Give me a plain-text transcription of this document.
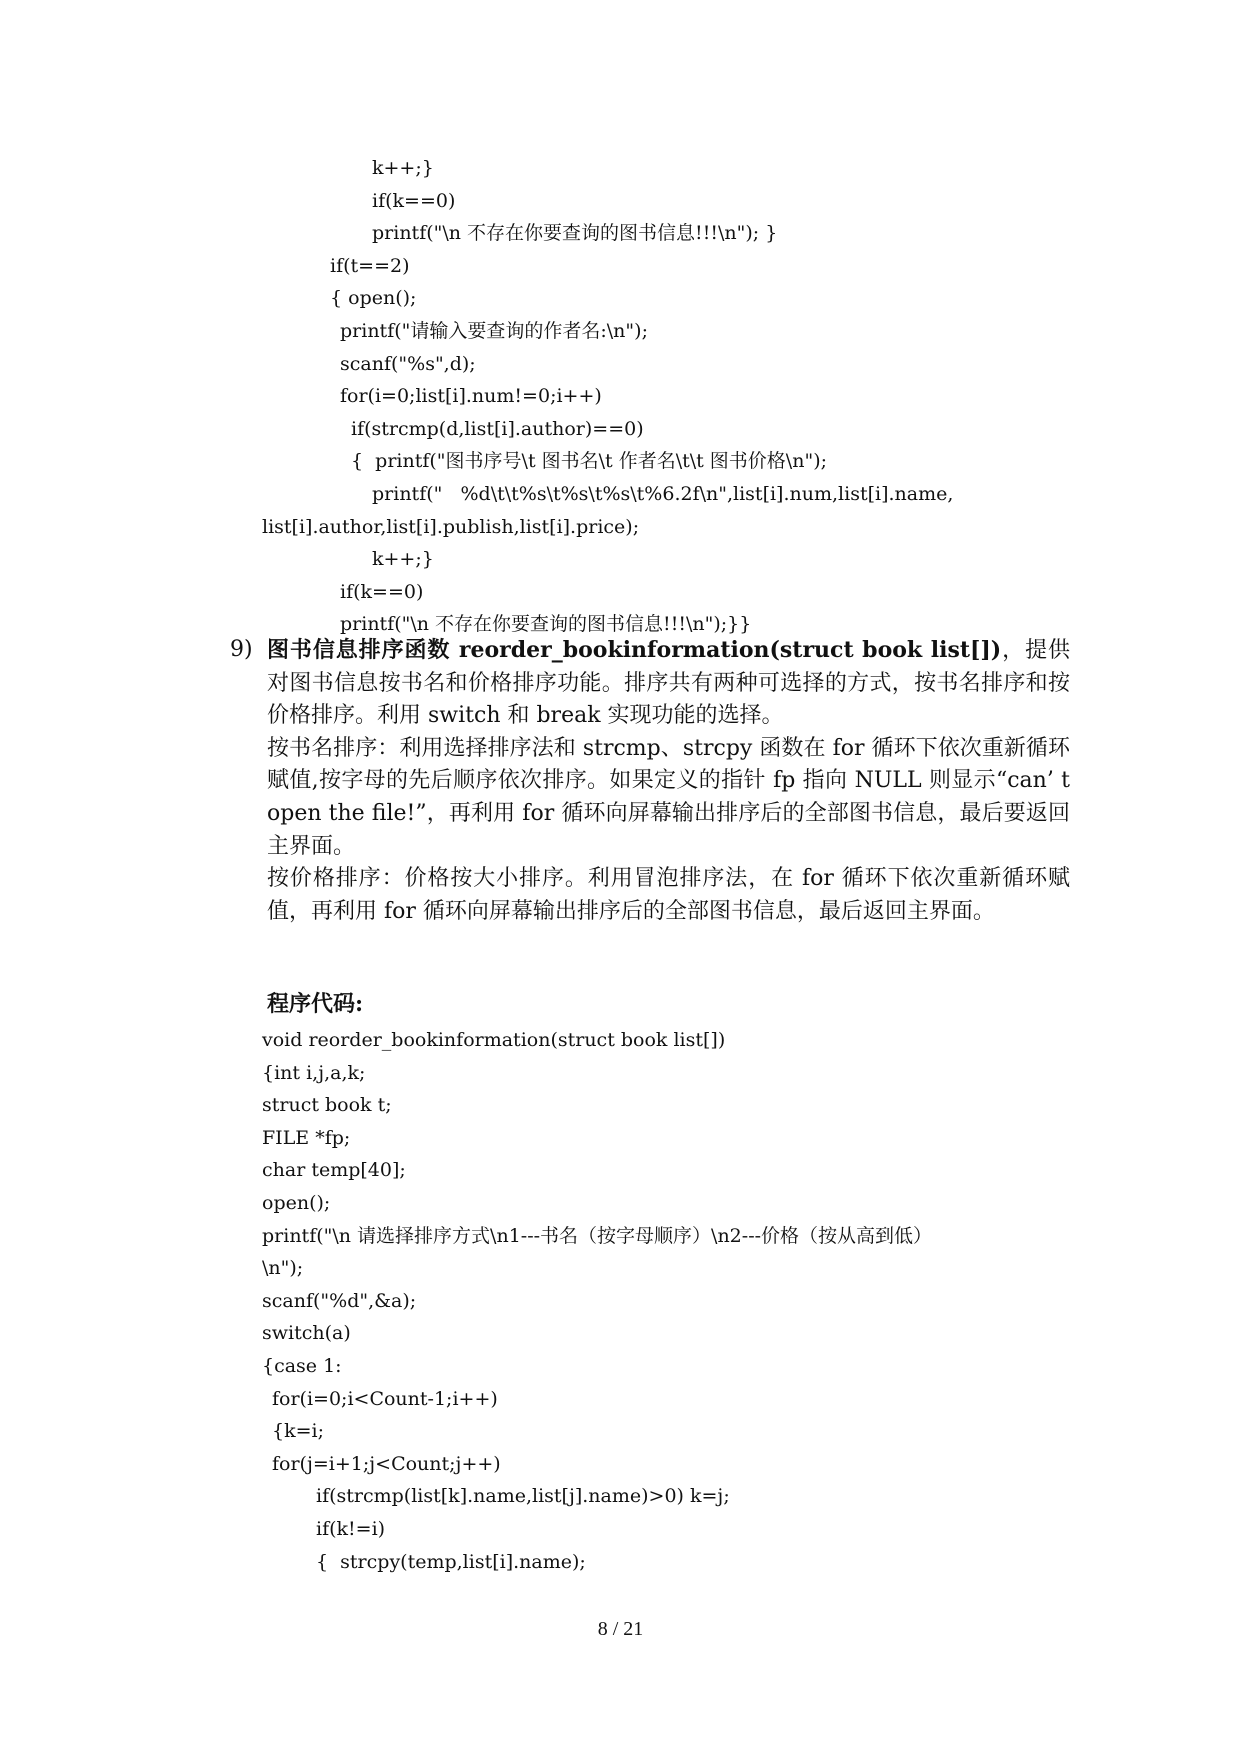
k++;}
if(k==0)
printf("\n 不存在你要查询的图书信息!!!\n"); }
if(t==2)
{ open();
printf("请输入要查询的作者名:\n");
scanf("%s",d);
for(i=0;list[i].num!=0;i++)
if(strcmp(d,list[i].author)==0)
{  printf("图书序号\t 图书名\t 作者名\t\t 图书价格\n");
printf("   %d\t\t%s\t%s\t%s\t%6.2f\n",list[i].num,list[i].name,
list[i].author,list[i].publish,list[i].price);
k++;}
if(k==0)
printf("\n 不存在你要查询的图书信息!!!\n");}}
9) 图书信息排序函数 reorder_bookinformation(struct book list[])，提供对图书信息按书名和价格排序功能。排序共有两种可选择的方式，按书名排序和按价格排序。利用 switch 和 break 实现功能的选择。

按书名排序：利用选择排序法和 strcmp、strcpy 函数在 for 循环下依次重新循环赋值,按字母的先后顺序依次排序。如果定义的指针 fp 指向 NULL 则显示“can’ t open the file!”，再利用 for 循环向屏幕输出排序后的全部图书信息，最后要返回主界面。

按价格排序：价格按大小排序。利用冒泡排序法，在 for 循环下依次重新循环赋值，再利用 for 循环向屏幕输出排序后的全部图书信息，最后返回主界面。

程序代码:
void reorder_bookinformation(struct book list[])
{int i,j,a,k;
struct book t;
FILE *fp;
char temp[40];
open();
printf("\n 请选择排序方式\n1---书名（按字母顺序）\n2---价格（按从高到低）
\n");
scanf("%d",&a);
switch(a)
{case 1:
for(i=0;i<Count-1;i++)
{k=i;
for(j=i+1;j<Count;j++)
if(strcmp(list[k].name,list[j].name)>0) k=j;
if(k!=i)
{  strcpy(temp,list[i].name);
8 / 21
